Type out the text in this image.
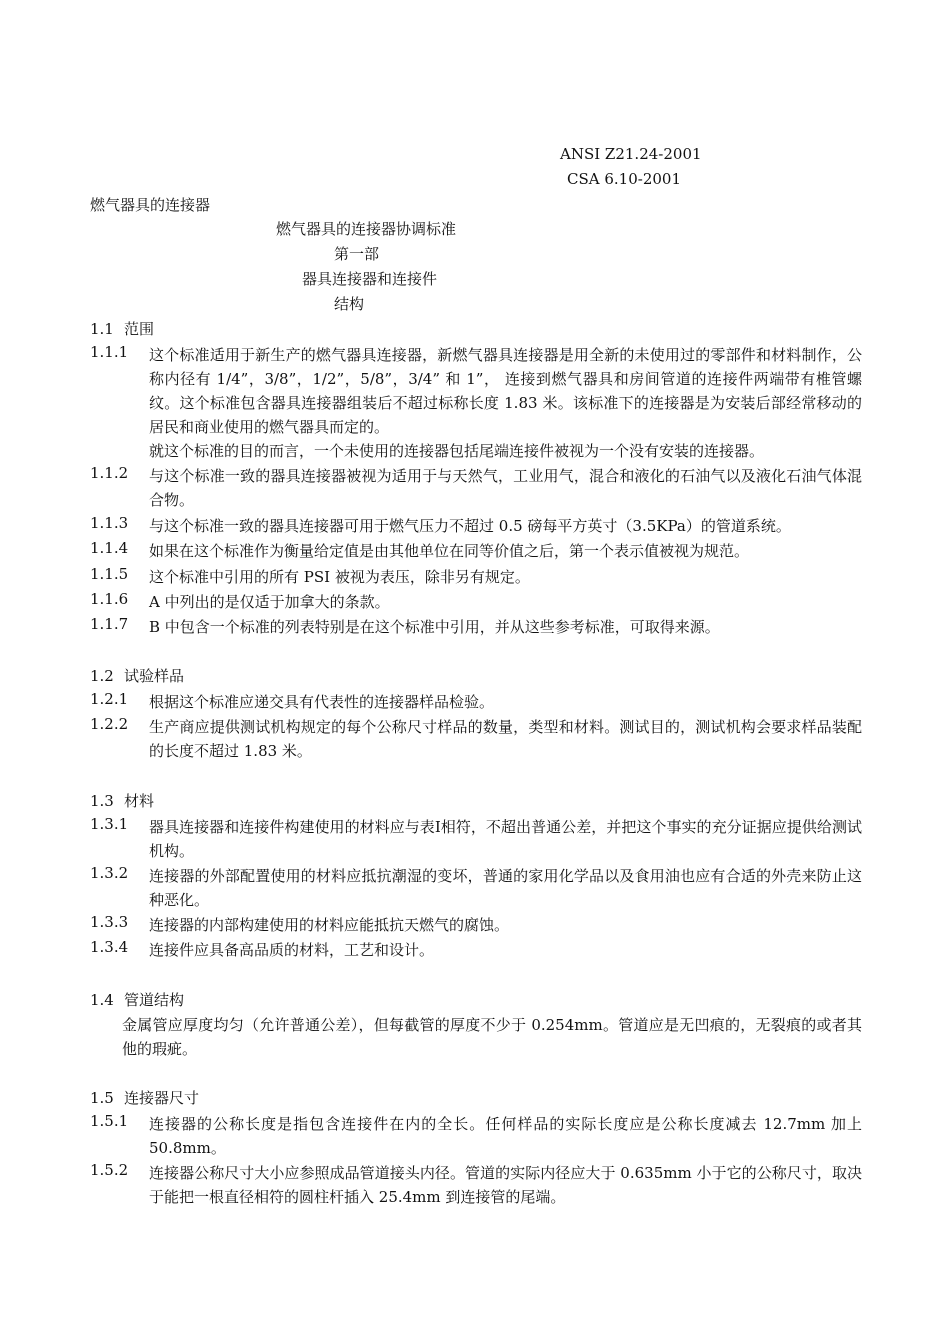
ANSI Z21.24-2001
CSA 6.10-2001
燃气器具的连接器
燃气器具的连接器协调标准
第一部
器具连接器和连接件
结构
1.1 范围
1.1.1	这个标准适用于新生产的燃气器具连接器，新燃气器具连接器是用全新的未使用过的零部件和材料制作，公称内径有 1/4”，3/8”，1/2”，5/8”，3/4” 和 1”， 连接到燃气器具和房间管道的连接件两端带有椎管螺纹。这个标准包含器具连接器组装后不超过标称长度 1.83 米。该标准下的连接器是为安装后部经常移动的居民和商业使用的燃气器具而定的。
就这个标准的目的而言，一个未使用的连接器包括尾端连接件被视为一个没有安装的连接器。
1.1.2	与这个标准一致的器具连接器被视为适用于与天然气，工业用气，混合和液化的石油气以及液化石油气体混合物。
1.1.3	与这个标准一致的器具连接器可用于燃气压力不超过 0.5 磅每平方英寸（3.5KPa）的管道系统。
1.1.4	如果在这个标准作为衡量给定值是由其他单位在同等价值之后，第一个表示值被视为规范。
1.1.5	这个标准中引用的所有 PSI 被视为表压，除非另有规定。
1.1.6	A 中列出的是仅适于加拿大的条款。
1.1.7	B 中包含一个标准的列表特别是在这个标准中引用，并从这些参考标准，可取得来源。
1.2 试验样品
1.2.1	根据这个标准应递交具有代表性的连接器样品检验。
1.2.2	生产商应提供测试机构规定的每个公称尺寸样品的数量，类型和材料。测试目的，测试机构会要求样品装配的长度不超过 1.83 米。
1.3 材料
1.3.1	器具连接器和连接件构建使用的材料应与表Ⅰ相符，不超出普通公差，并把这个事实的充分证据应提供给测试机构。
1.3.2	连接器的外部配置使用的材料应抵抗潮湿的变坏，普通的家用化学品以及食用油也应有合适的外壳来防止这种恶化。
1.3.3	连接器的内部构建使用的材料应能抵抗天燃气的腐蚀。
1.3.4	连接件应具备高品质的材料，工艺和设计。
1.4 管道结构
金属管应厚度均匀（允许普通公差），但每截管的厚度不少于 0.254mm。管道应是无凹痕的，无裂痕的或者其他的瑕疵。
1.5 连接器尺寸
1.5.1	连接器的公称长度是指包含连接件在内的全长。任何样品的实际长度应是公称长度减去 12.7mm 加上 50.8mm。
1.5.2	连接器公称尺寸大小应参照成品管道接头内径。管道的实际内径应大于 0.635mm 小于它的公称尺寸，取决于能把一根直径相符的圆柱杆插入 25.4mm 到连接管的尾端。
